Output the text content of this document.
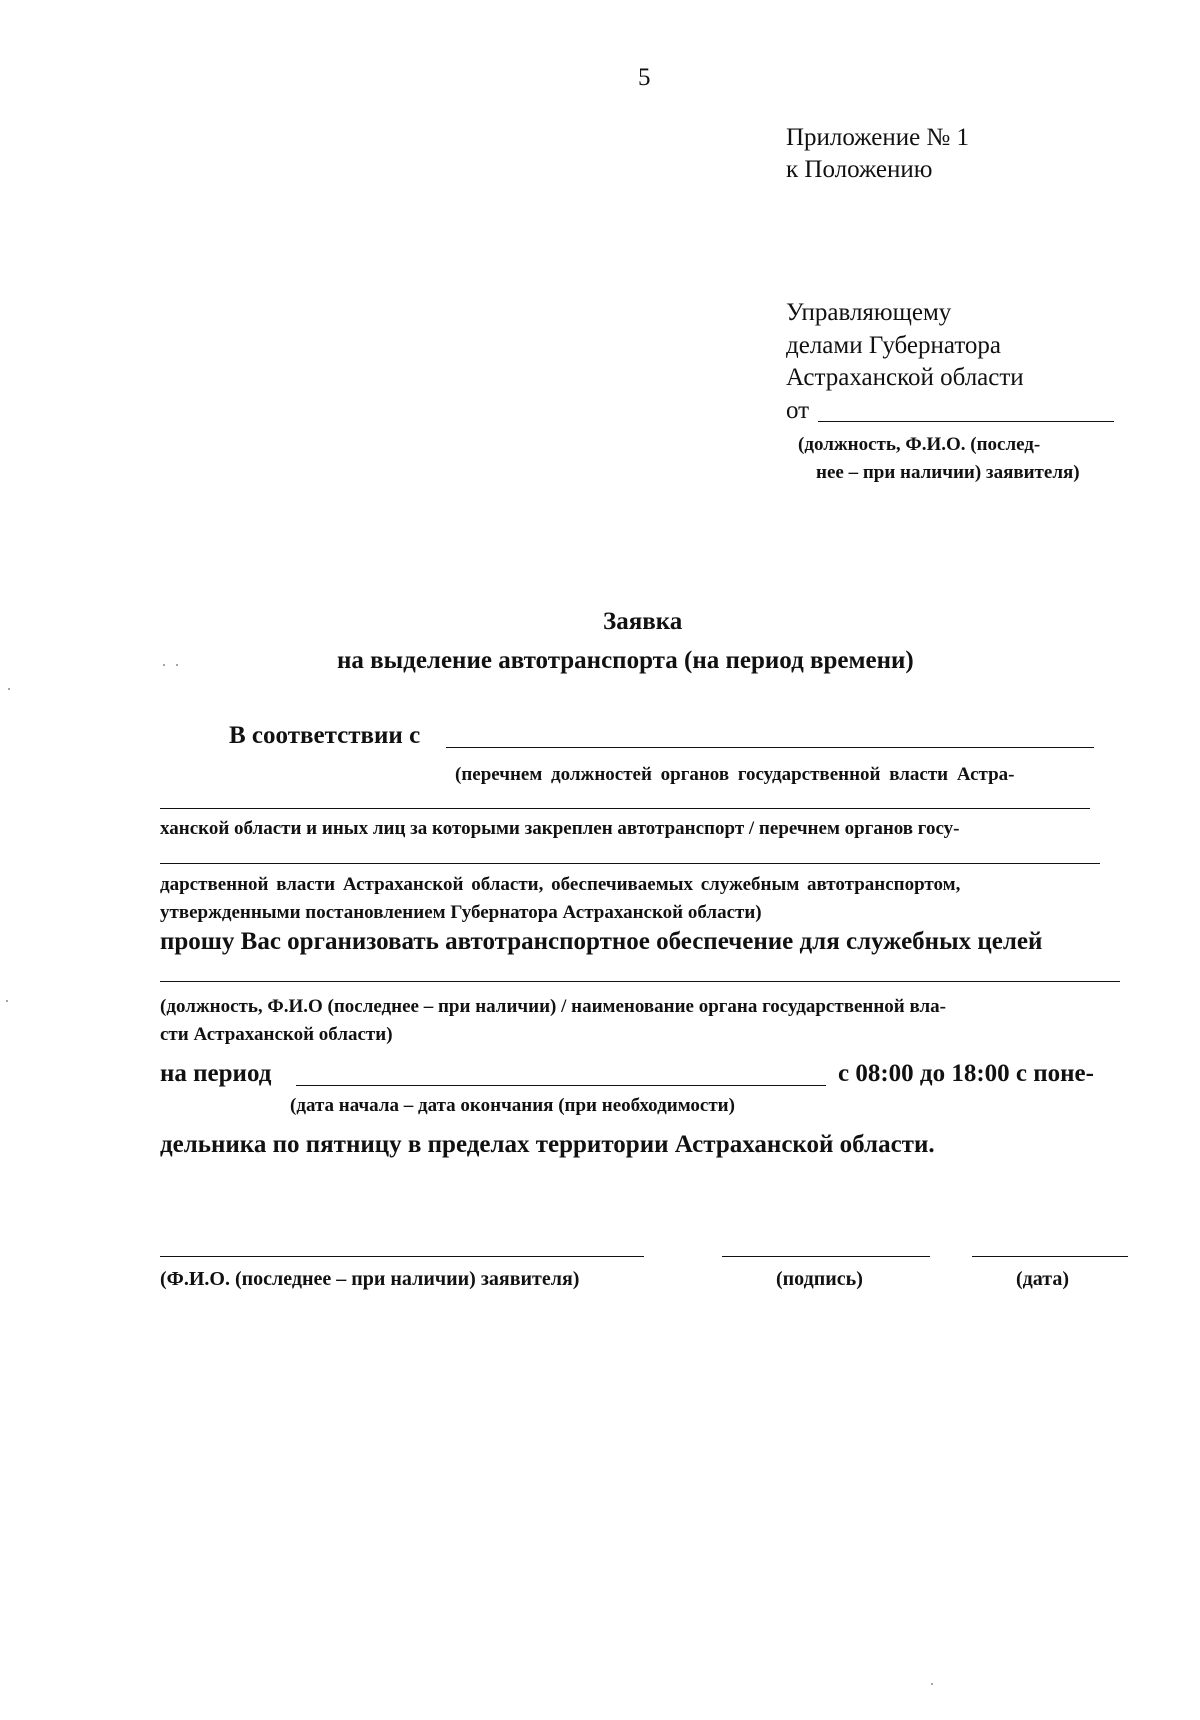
5
Приложение № 1
к Положению
Управляющему
делами Губернатора
Астраханской области
от
(должность, Ф.И.О. (послед-
нее – при наличии) заявителя)
Заявка
на выделение автотранспорта (на период времени)
В соответствии с
(перечнем должностей органов государственной власти Астра-
ханской области и иных лиц за которыми закреплен автотранспорт / перечнем органов госу-
дарственной власти Астраханской области, обеспечиваемых служебным автотранспортом,
утвержденными постановлением Губернатора Астраханской области)
прошу Вас организовать автотранспортное обеспечение для служебных целей
(должность, Ф.И.О (последнее – при наличии) / наименование органа государственной вла-
сти Астраханской области)
на период	с 08:00 до 18:00 с поне-
(дата начала – дата окончания (при необходимости)
дельника по пятницу в пределах территории Астраханской области.
(Ф.И.О. (последнее – при наличии) заявителя)	(подпись)	(дата)
